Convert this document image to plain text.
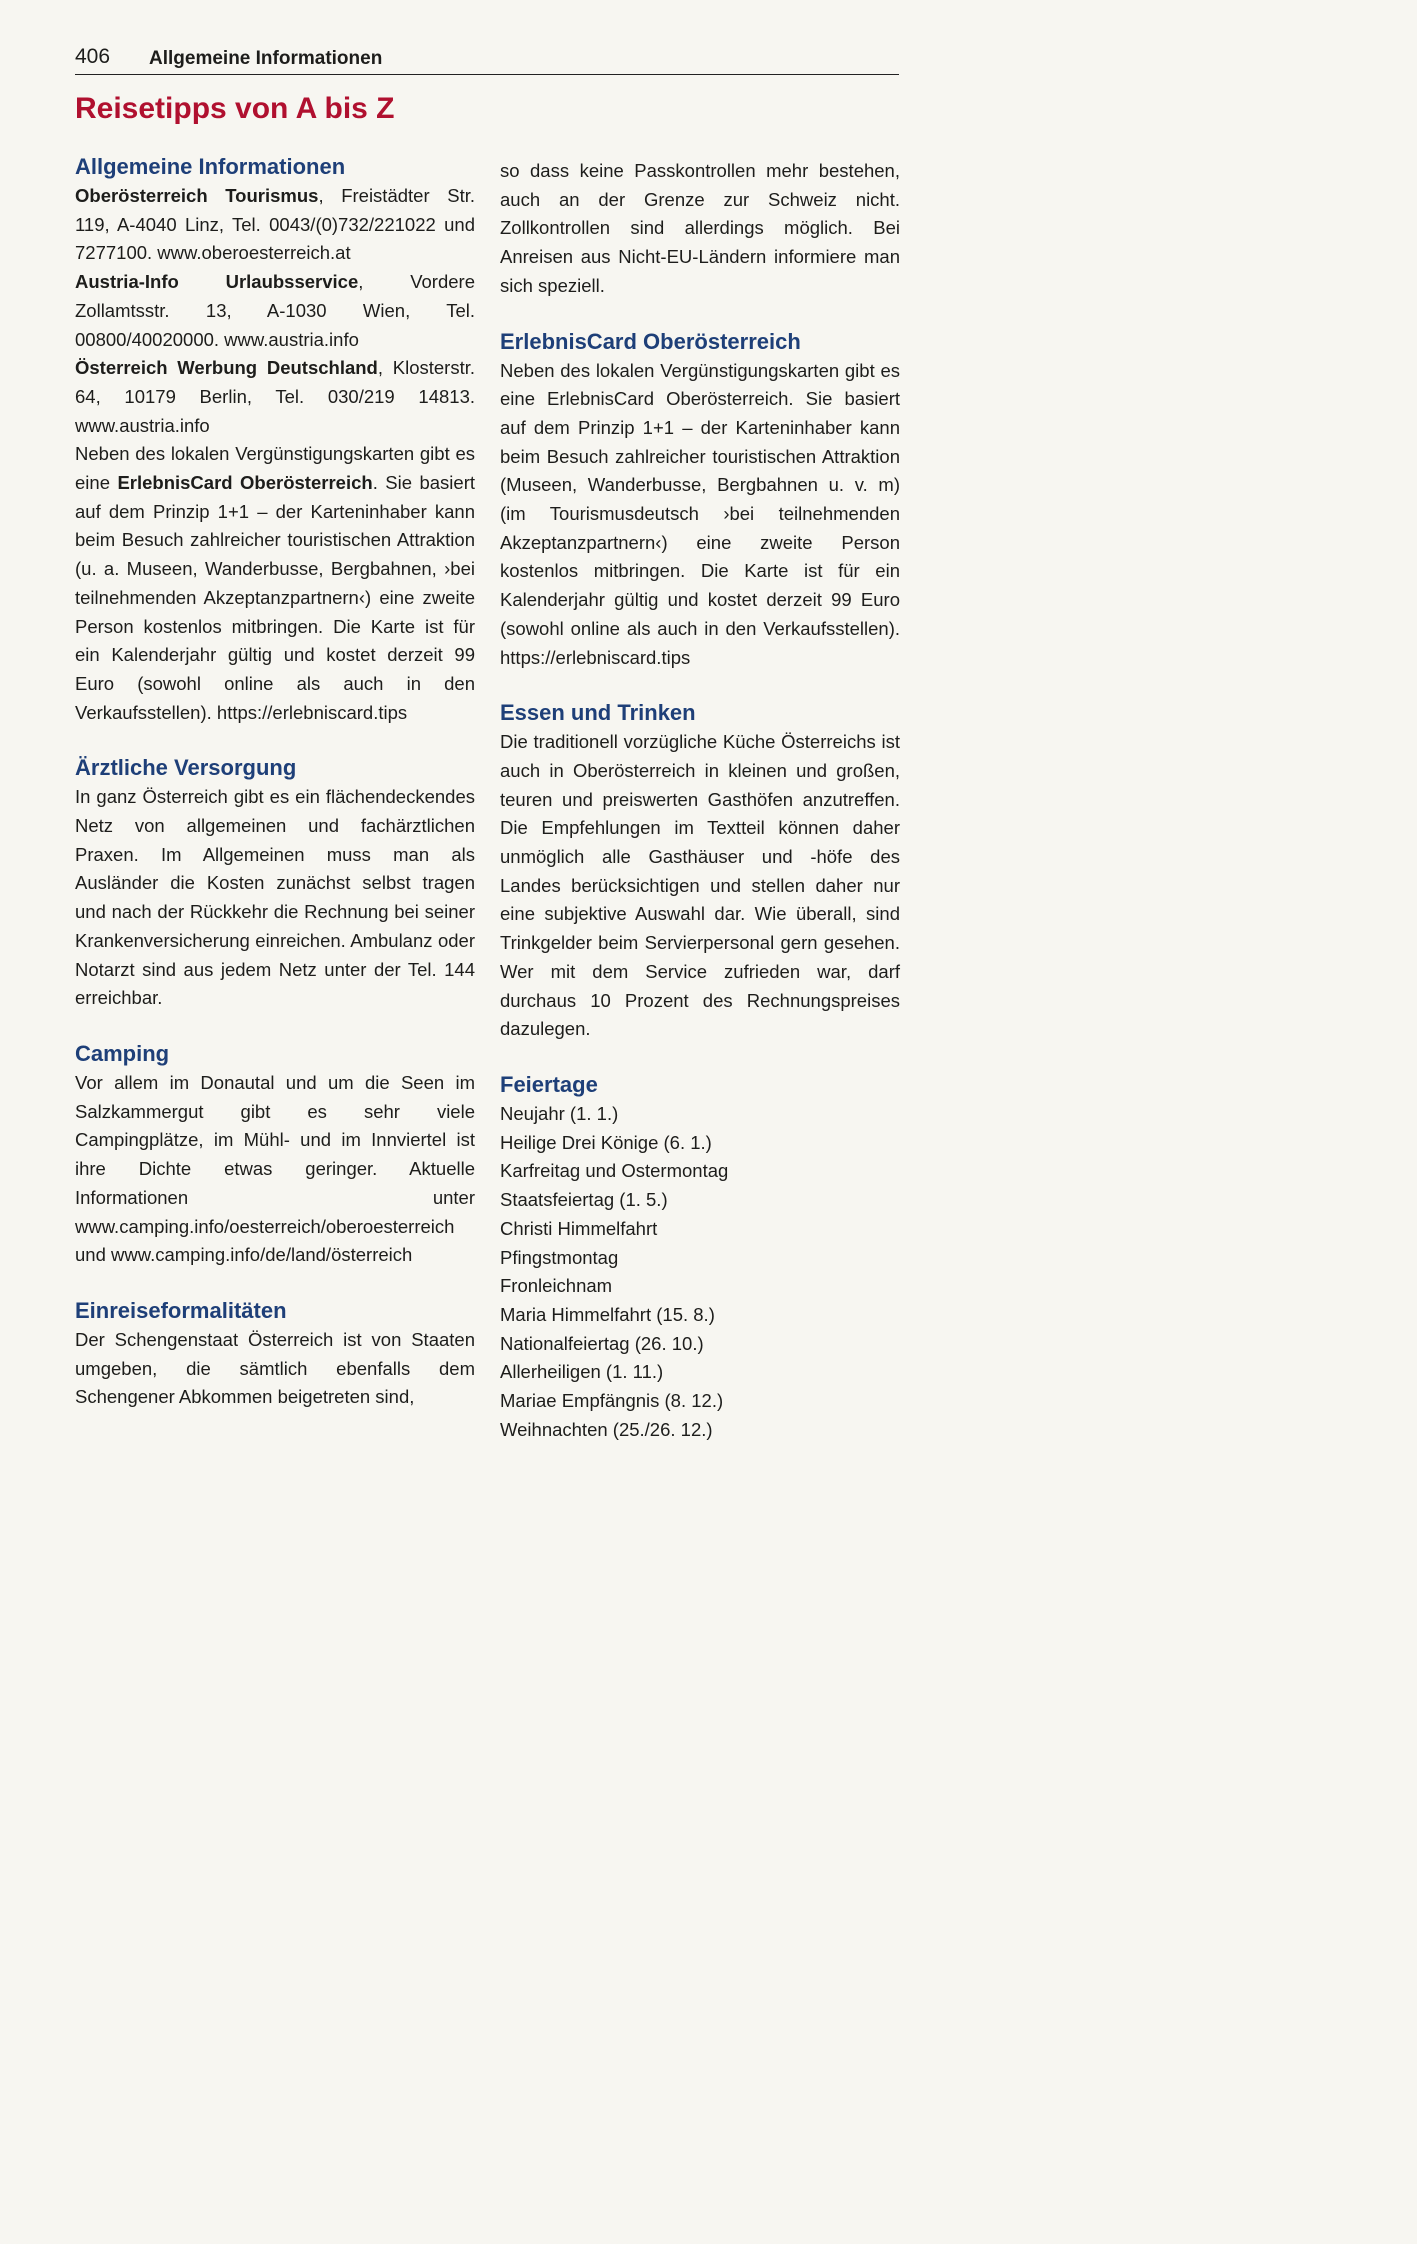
406 Allgemeine Informationen
Reisetipps von A bis Z
Allgemeine Informationen

Oberösterreich Tourismus, Freistädter Str. 119, A-4040 Linz, Tel. 0043/(0)732/221022 und 7277100. www.oberoesterreich.at

Austria-Info Urlaubsservice, Vordere Zollamtsstr. 13, A-1030 Wien, Tel. 00800/40020000. www.austria.info

Österreich Werbung Deutschland, Klosterstr. 64, 10179 Berlin, Tel. 030/219 14813. www.austria.info

Neben des lokalen Vergünstigungskarten gibt es eine ErlebnisCard Oberösterreich. Sie basiert auf dem Prinzip 1+1 – der Karteninhaber kann beim Besuch zahlreicher touristischen Attraktion (u. a. Museen, Wanderbusse, Bergbahnen, ›bei teilnehmenden Akzeptanzpartnern‹) eine zweite Person kostenlos mitbringen. Die Karte ist für ein Kalenderjahr gültig und kostet derzeit 99 Euro (sowohl online als auch in den Verkaufsstellen). https://erlebniscard.tips

Ärztliche Versorgung

In ganz Österreich gibt es ein flächendeckendes Netz von allgemeinen und fachärztlichen Praxen. Im Allgemeinen muss man als Ausländer die Kosten zunächst selbst tragen und nach der Rückkehr die Rechnung bei seiner Krankenversicherung einreichen. Ambulanz oder Notarzt sind aus jedem Netz unter der Tel. 144 erreichbar.

Camping

Vor allem im Donautal und um die Seen im Salzkammergut gibt es sehr viele Campingplätze, im Mühl- und im Innviertel ist ihre Dichte etwas geringer. Aktuelle Informationen unter www.camping.info/oesterreich/oberoesterreich und www.camping.info/de/land/österreich

Einreiseformalitäten

Der Schengenstaat Österreich ist von Staaten umgeben, die sämtlich ebenfalls dem Schengener Abkommen beigetreten sind,

so dass keine Passkontrollen mehr bestehen, auch an der Grenze zur Schweiz nicht. Zollkontrollen sind allerdings möglich. Bei Anreisen aus Nicht-EU-Ländern informiere man sich speziell.

ErlebnisCard Oberösterreich

Neben des lokalen Vergünstigungskarten gibt es eine ErlebnisCard Oberösterreich. Sie basiert auf dem Prinzip 1+1 – der Karteninhaber kann beim Besuch zahlreicher touristischen Attraktion (Museen, Wanderbusse, Bergbahnen u. v. m) (im Tourismusdeutsch ›bei teilnehmenden Akzeptanzpartnern‹) eine zweite Person kostenlos mitbringen. Die Karte ist für ein Kalenderjahr gültig und kostet derzeit 99 Euro (sowohl online als auch in den Verkaufsstellen). https://erlebniscard.tips

Essen und Trinken

Die traditionell vorzügliche Küche Österreichs ist auch in Oberösterreich in kleinen und großen, teuren und preiswerten Gasthöfen anzutreffen. Die Empfehlungen im Textteil können daher unmöglich alle Gasthäuser und -höfe des Landes berücksichtigen und stellen daher nur eine subjektive Auswahl dar. Wie überall, sind Trinkgelder beim Servierpersonal gern gesehen. Wer mit dem Service zufrieden war, darf durchaus 10 Prozent des Rechnungspreises dazulegen.

Feiertage
Neujahr (1. 1.)
Heilige Drei Könige (6. 1.)
Karfreitag und Ostermontag
Staatsfeiertag (1. 5.)
Christi Himmelfahrt
Pfingstmontag
Fronleichnam
Maria Himmelfahrt (15. 8.)
Nationalfeiertag (26. 10.)
Allerheiligen (1. 11.)
Mariae Empfängnis (8. 12.)
Weihnachten (25./26. 12.)
